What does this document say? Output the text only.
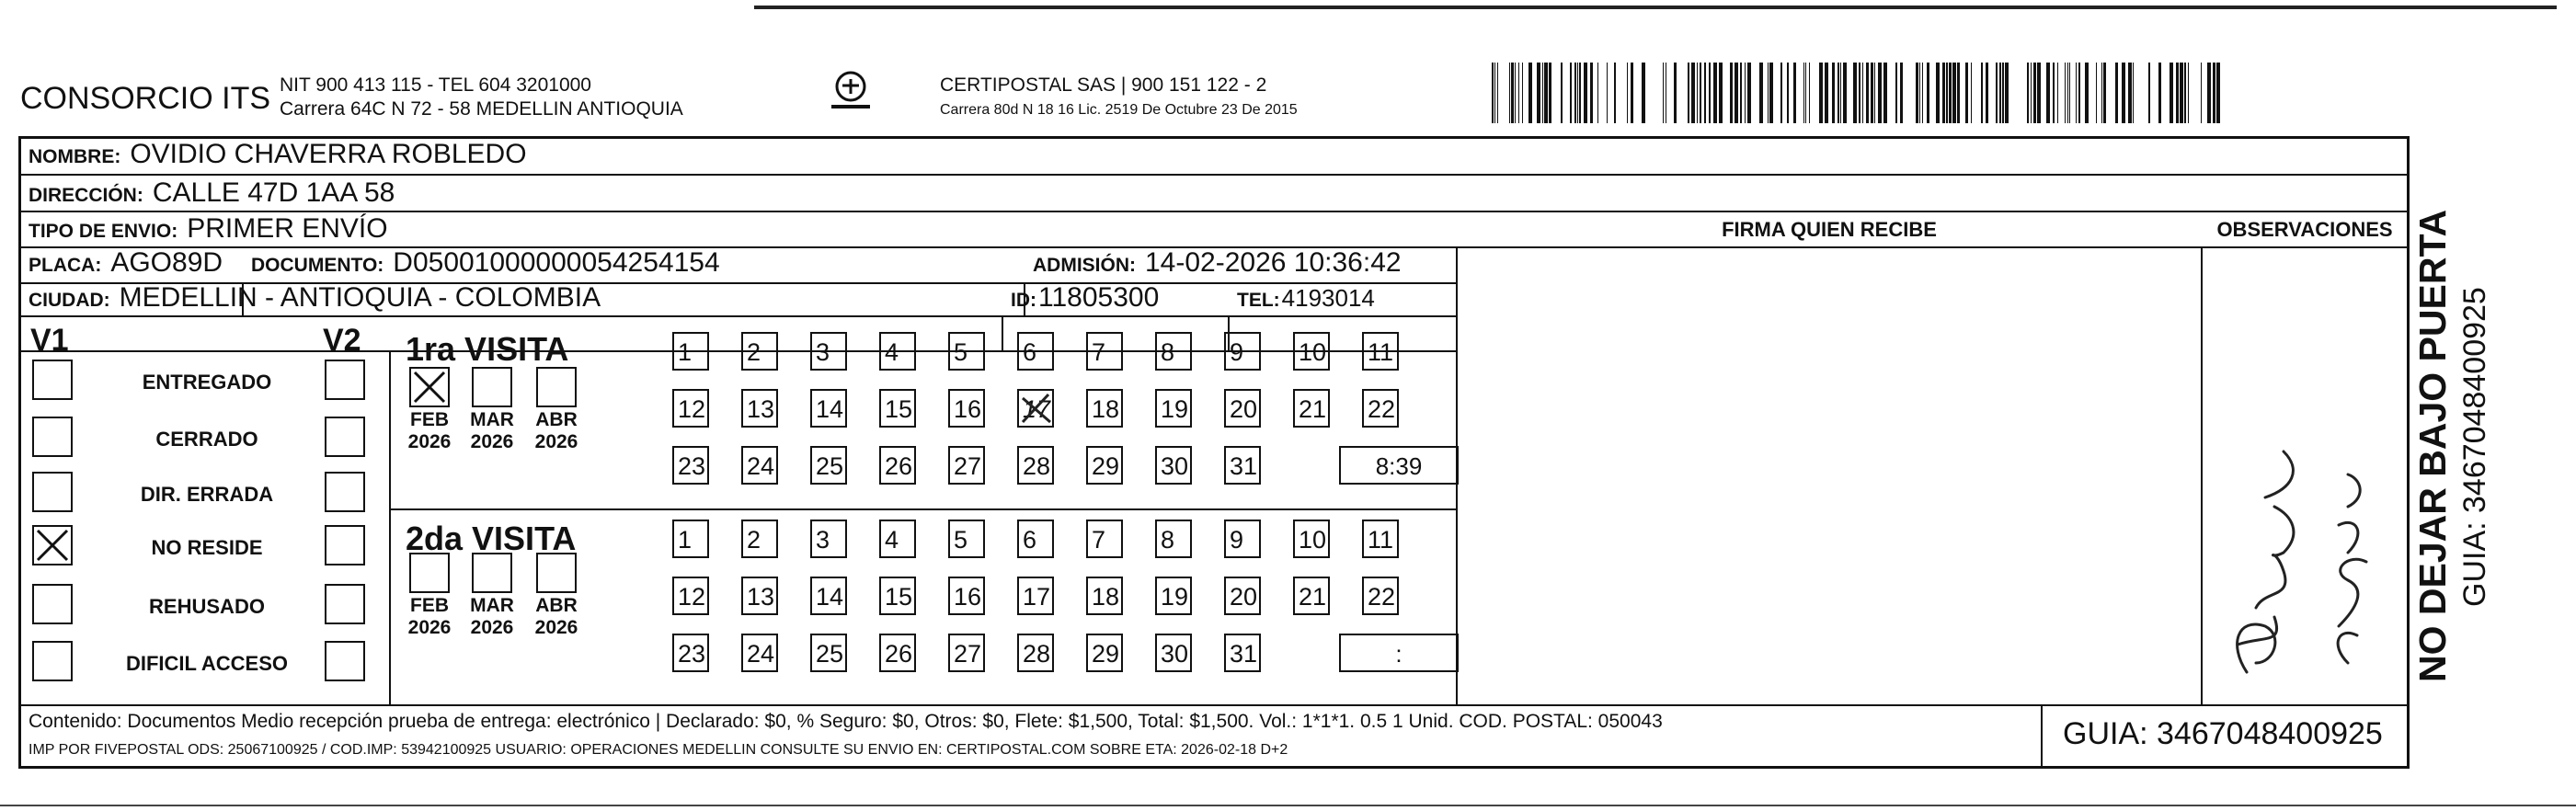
CONSORCIO ITS NIT 900 413 115 - TEL 604 3201000
Carrera 64C N 72 - 58 MEDELLIN ANTIOQUIA
CERTIPOSTAL SAS | 900 151 122 - 2
Carrera 80d N 18 16 Lic. 2519 De Octubre 23 De 2015
NOMBRE: OVIDIO CHAVERRA ROBLEDO
DIRECCIÓN: CALLE 47D 1AA 58
TIPO DE ENVIO: PRIMER ENVÍO	FIRMA QUIEN RECIBE	OBSERVACIONES
PLACA: AGO89D DOCUMENTO: D05001000000054254154	ADMISIÓN: 14-02-2026 10:36:42
CIUDAD: MEDELLIN - ANTIOQUIA - COLOMBIA	ID: 11805300	TEL: 4193014
V1	V2
ENTREGADO
CERRADO
DIR. ERRADA
NO RESIDE
REHUSADO
DIFICIL ACCESO
1ra VISITA
FEB
2026
MAR
2026
ABR
2026
1	2	3	4	5	6	7	8	9	10 11
12 13 14 15 16 17 18 19 20 21 22
23 24 25 26 27 28 29 30 31	8:39
2da VISITA
FEB
2026
MAR
2026
ABR
2026
1	2	3	4	5	6	7	8	9	10 11
12 13 14 15 16 17 18 19 20 21 22
23 24 25 26 27 28 29 30 31	:
Contenido: Documentos Medio recepción prueba de entrega: electrónico | Declarado: $0, % Seguro: $0, Otros: $0, Flete: $1,500, Total: $1,500. Vol.: 1*1*1. 0.5 1 Unid. COD. POSTAL: 050043
IMP POR FIVEPOSTAL ODS: 25067100925 / COD.IMP: 53942100925 USUARIO: OPERACIONES MEDELLIN CONSULTE SU ENVIO EN: CERTIPOSTAL.COM SOBRE ETA: 2026-02-18 D+2	GUIA: 3467048400925
NO DEJAR BAJO PUERTA GUIA: 3467048400925
